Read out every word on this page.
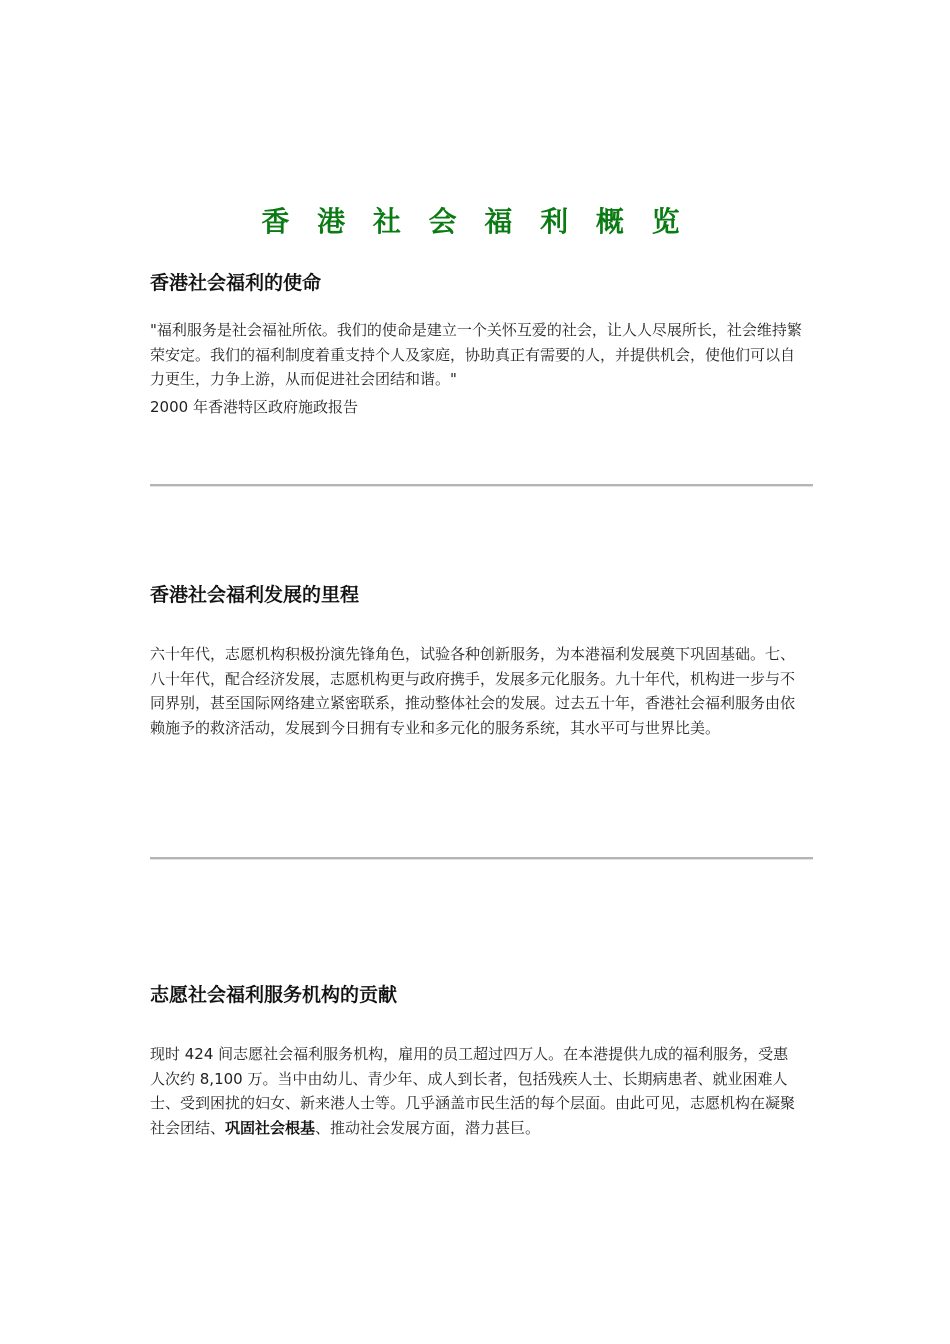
香 港 社 会 福 利 概 览
香港社会福利的使命

"福利服务是社会福祉所依。我们的使命是建立一个关怀互爱的社会，让人人尽展所长，社会维持繁荣安定。我们的福利制度着重支持个人及家庭，协助真正有需要的人，并提供机会，使他们可以自力更生，力争上游，从而促进社会团结和谐。"

2000 年香港特区政府施政报告

香港社会福利发展的里程

六十年代，志愿机构积极扮演先锋角色，试验各种创新服务，为本港福利发展奠下巩固基础。七、八十年代，配合经济发展，志愿机构更与政府携手，发展多元化服务。九十年代，机构进一步与不同界别，甚至国际网络建立紧密联系，推动整体社会的发展。过去五十年，香港社会福利服务由依赖施予的救济活动，发展到今日拥有专业和多元化的服务系统，其水平可与世界比美。

志愿社会福利服务机构的贡献

现时 424 间志愿社会福利服务机构，雇用的员工超过四万人。在本港提供九成的福利服务，受惠人次约 8,100 万。当中由幼儿、青少年、成人到长者，包括残疾人士、长期病患者、就业困难人士、受到困扰的妇女、新来港人士等。几乎涵盖市民生活的每个层面。由此可见，志愿机构在凝聚社会团结、巩固社会根基、推动社会发展方面，潜力甚巨。
